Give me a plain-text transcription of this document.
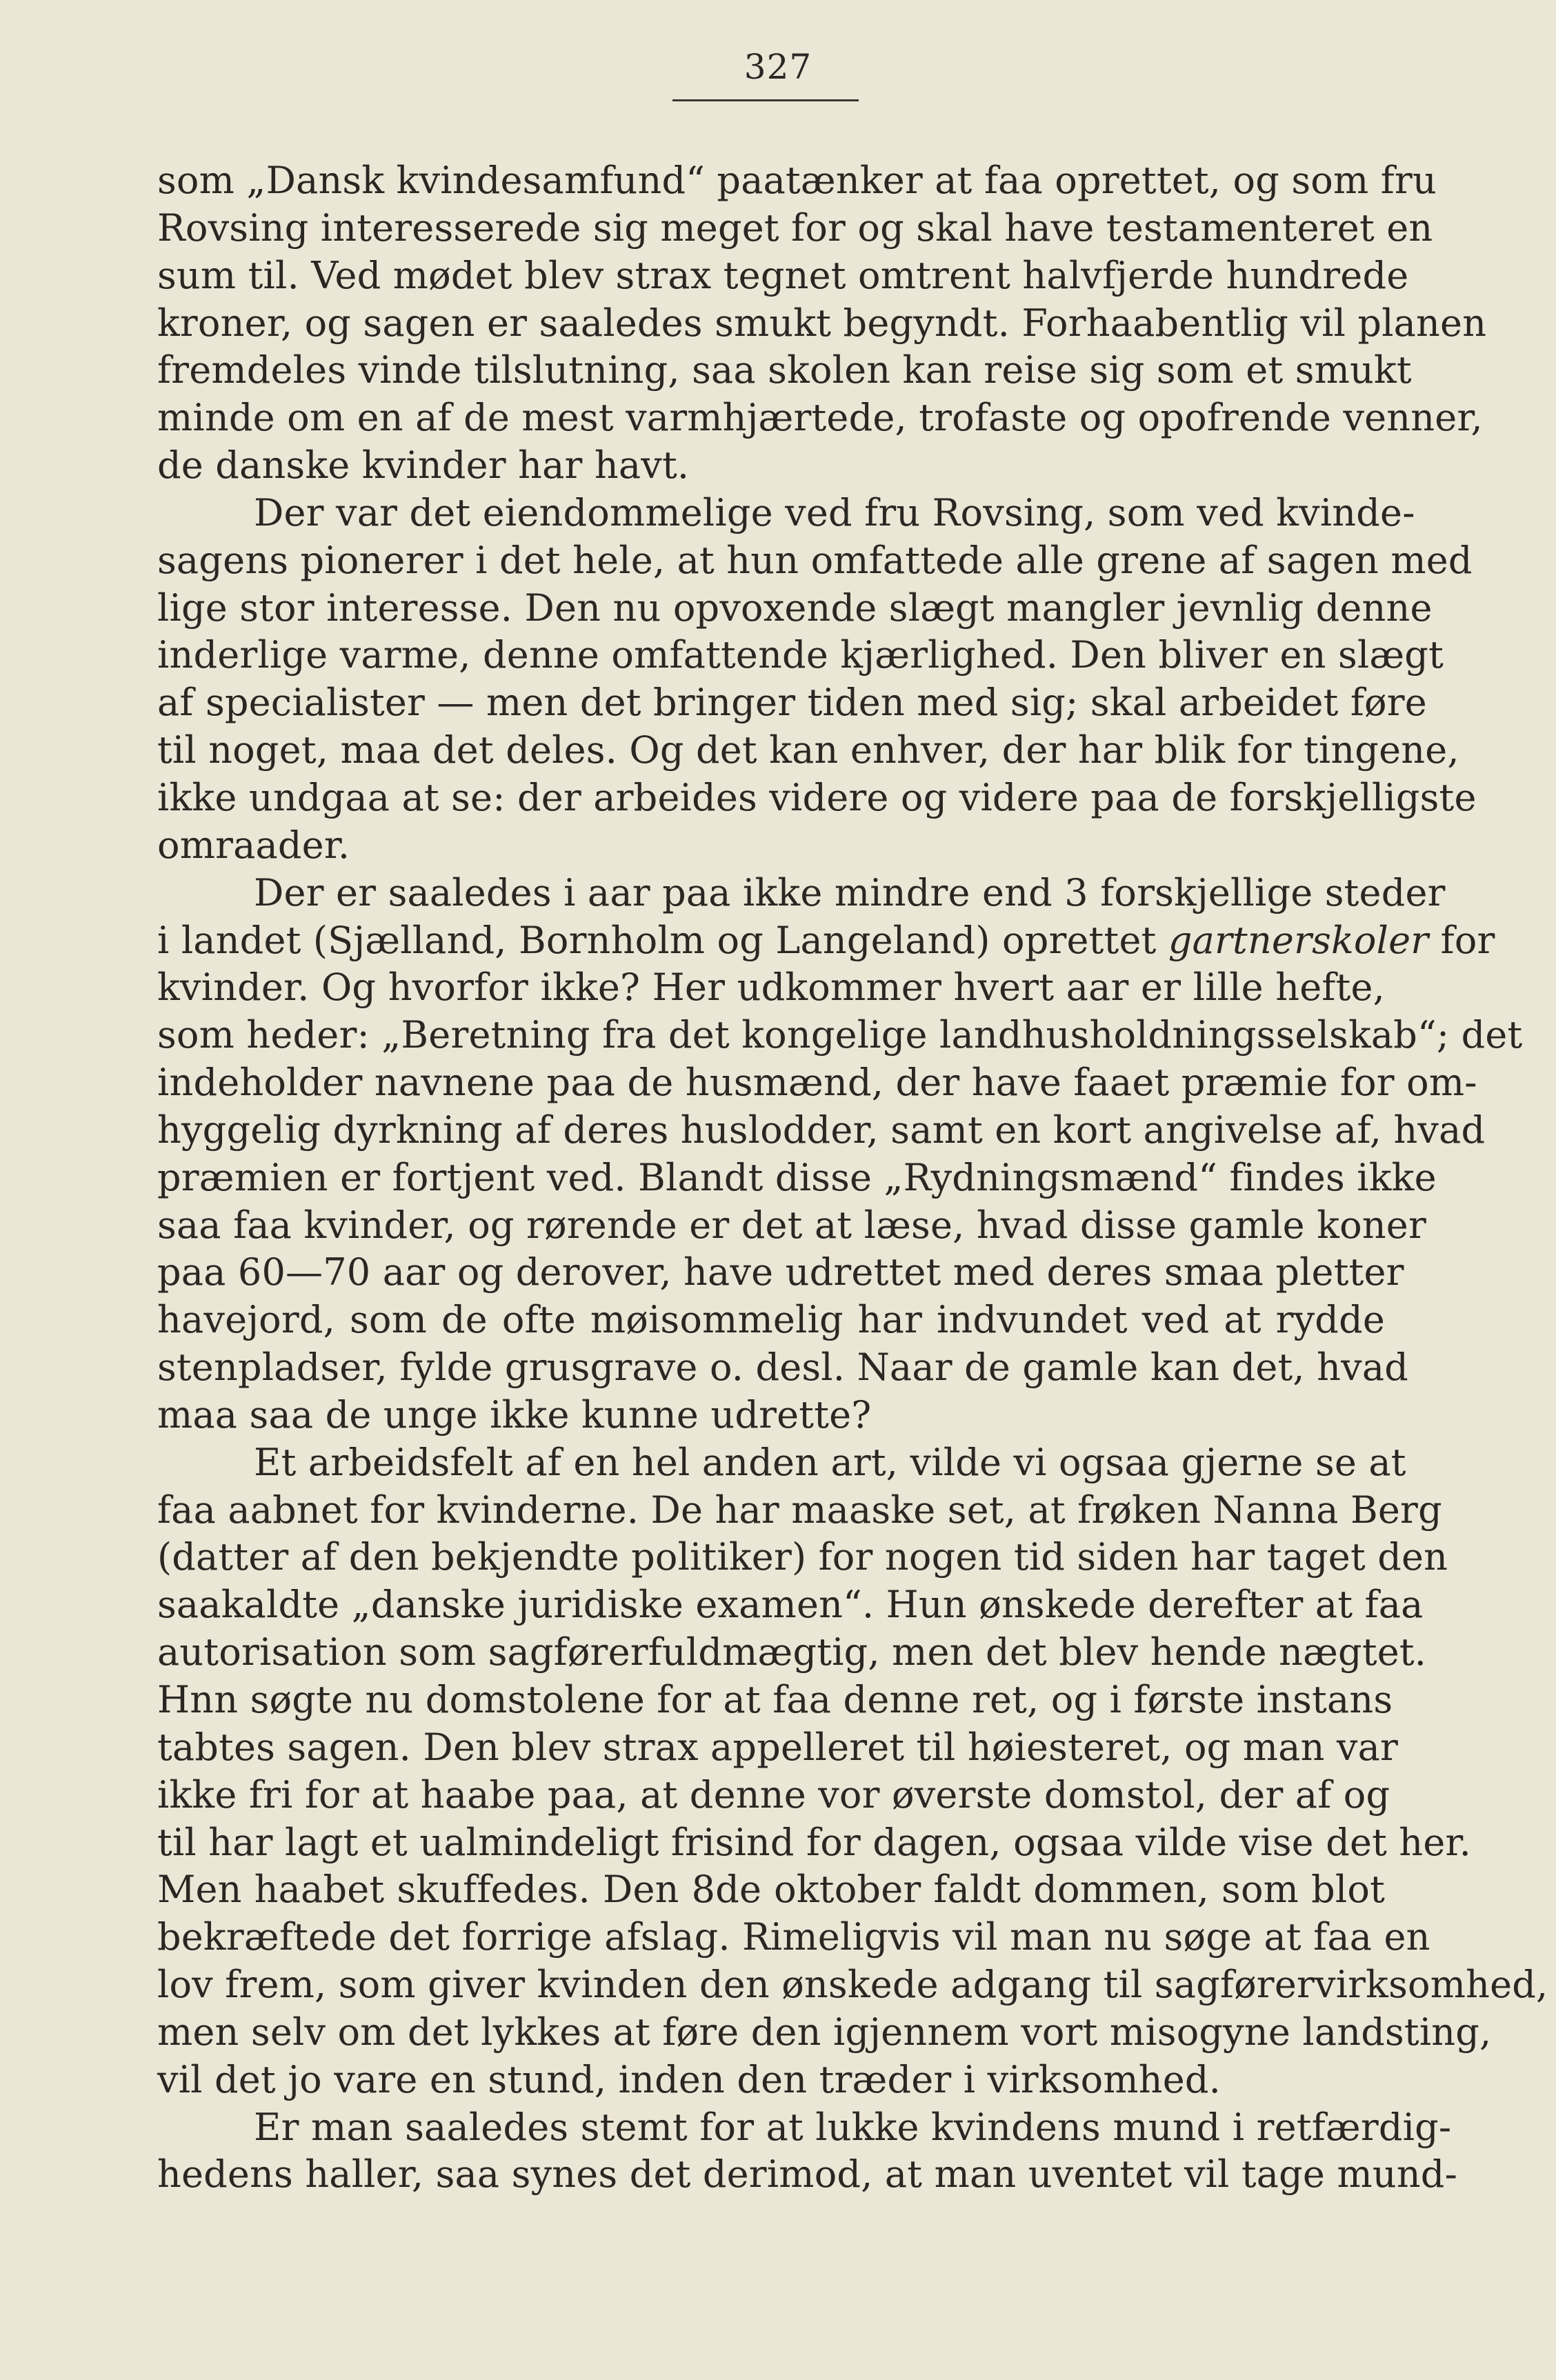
327
som „Dansk kvindesamfund“ paatænker at faa oprettet, og som fru
Rovsing interesserede sig meget for og skal have testamenteret en
sum til. Ved mødet blev strax tegnet omtrent halvfjerde hundrede
kroner, og sagen er saaledes smukt begyndt. Forhaabentlig vil planen
fremdeles vinde tilslutning, saa skolen kan reise sig som et smukt
minde om en af de mest varmhjærtede, trofaste og opofrende venner,
de danske kvinder har havt.
Der var det eiendommelige ved fru Rovsing, som ved kvinde-
sagens pionerer i det hele, at hun omfattede alle grene af sagen med
lige stor interesse. Den nu opvoxende slægt mangler jevnlig denne
inderlige varme, denne omfattende kjærlighed. Den bliver en slægt
af specialister — men det bringer tiden med sig; skal arbeidet føre
til noget, maa det deles. Og det kan enhver, der har blik for tingene,
ikke undgaa at se: der arbeides videre og videre paa de forskjelligste
omraader.
Der er saaledes i aar paa ikke mindre end 3 forskjellige steder
i landet (Sjælland, Bornholm og Langeland) oprettet gartnerskoler for
kvinder. Og hvorfor ikke? Her udkommer hvert aar er lille hefte,
som heder: „Beretning fra det kongelige landhusholdningsselskab“; det
indeholder navnene paa de husmænd, der have faaet præmie for om-
hyggelig dyrkning af deres huslodder, samt en kort angivelse af, hvad
præmien er fortjent ved. Blandt disse „Rydningsmænd“ findes ikke
saa faa kvinder, og rørende er det at læse, hvad disse gamle koner
paa 60—70 aar og derover, have udrettet med deres smaa pletter
havejord, som de ofte møisommelig har indvundet ved at rydde
stenpladser, fylde grusgrave o. desl. Naar de gamle kan det, hvad
maa saa de unge ikke kunne udrette?
Et arbeidsfelt af en hel anden art, vilde vi ogsaa gjerne se at
faa aabnet for kvinderne. De har maaske set, at frøken Nanna Berg
(datter af den bekjendte politiker) for nogen tid siden har taget den
saakaldte „danske juridiske examen“. Hun ønskede derefter at faa
autorisation som sagførerfuldmægtig, men det blev hende nægtet.
Hnn søgte nu domstolene for at faa denne ret, og i første instans
tabtes sagen. Den blev strax appelleret til høiesteret, og man var
ikke fri for at haabe paa, at denne vor øverste domstol, der af og
til har lagt et ualmindeligt frisind for dagen, ogsaa vilde vise det her.
Men haabet skuffedes. Den 8de oktober faldt dommen, som blot
bekræftede det forrige afslag. Rimeligvis vil man nu søge at faa en
lov frem, som giver kvinden den ønskede adgang til sagførervirksomhed,
men selv om det lykkes at føre den igjennem vort misogyne landsting,
vil det jo vare en stund, inden den træder i virksomhed.
Er man saaledes stemt for at lukke kvindens mund i retfærdig-
hedens haller, saa synes det derimod, at man uventet vil tage mund-
